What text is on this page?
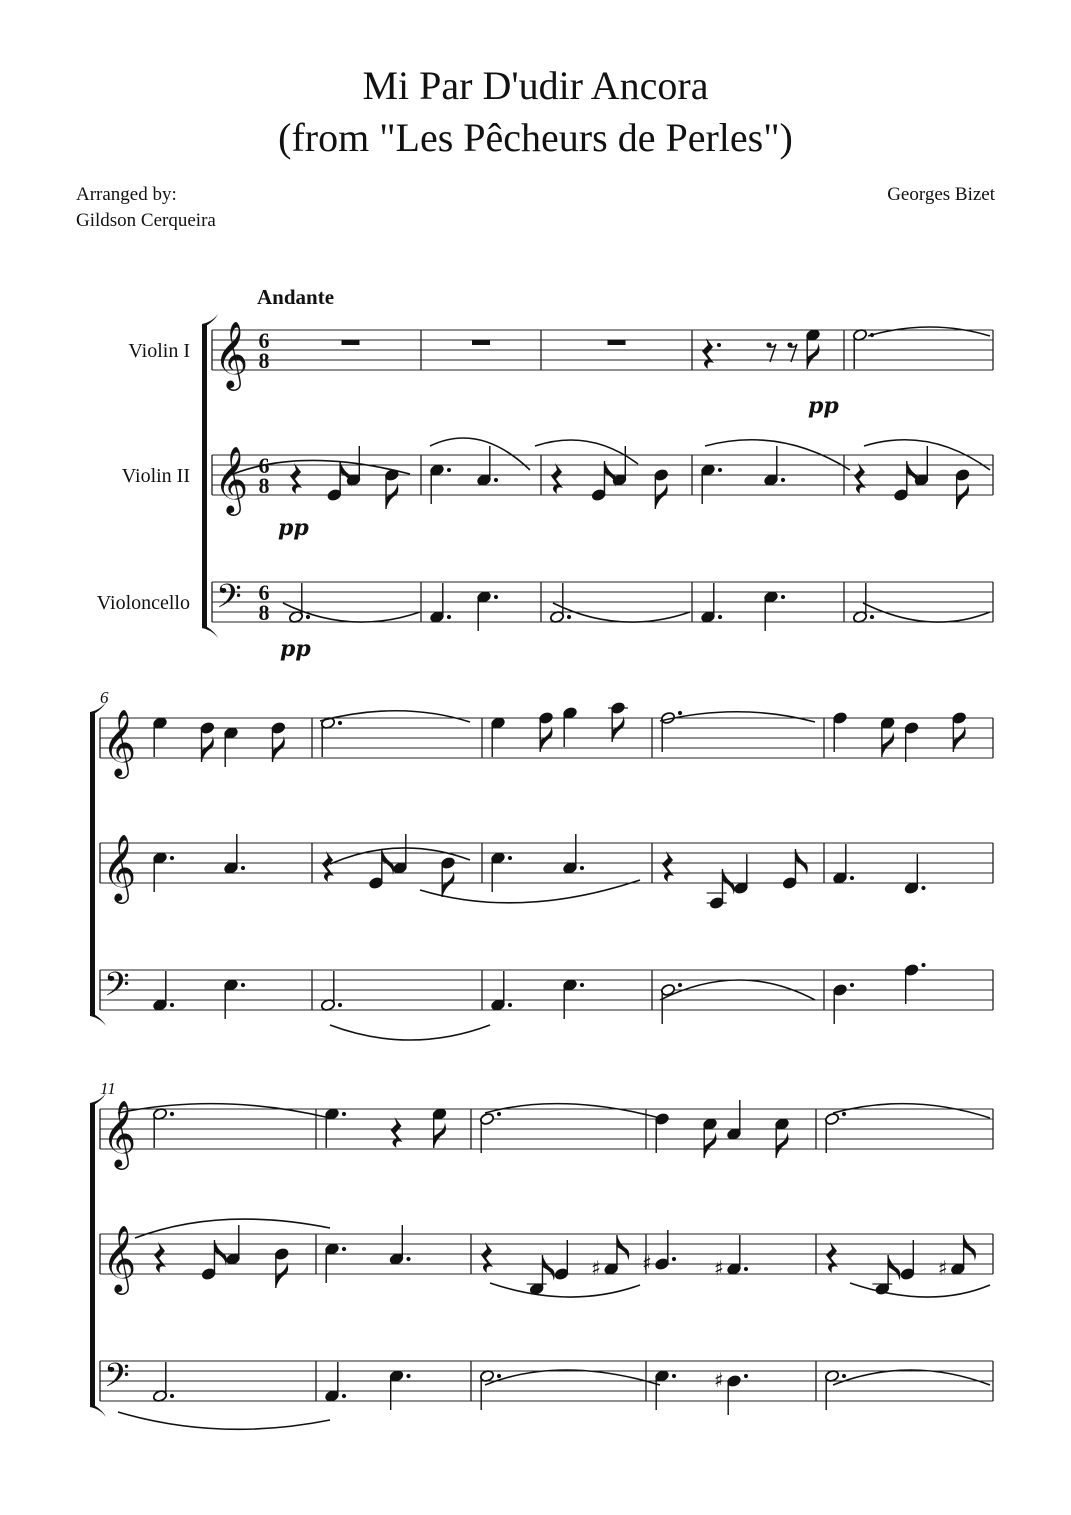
Mi Par D'udir Ancora
(from "Les Pêcheurs de Perles")
Arranged by:
Gildson Cerqueira
Georges Bizet
Andante
𝄞
Violin I	6
8
𝄞
Violin II	6
8
𝄢
Violoncello	6
8
6
𝄞
𝄞
𝄢
11
𝄞
𝄞	♯ ♯	♯	♯
𝄢	♯
pp
pp
pp
